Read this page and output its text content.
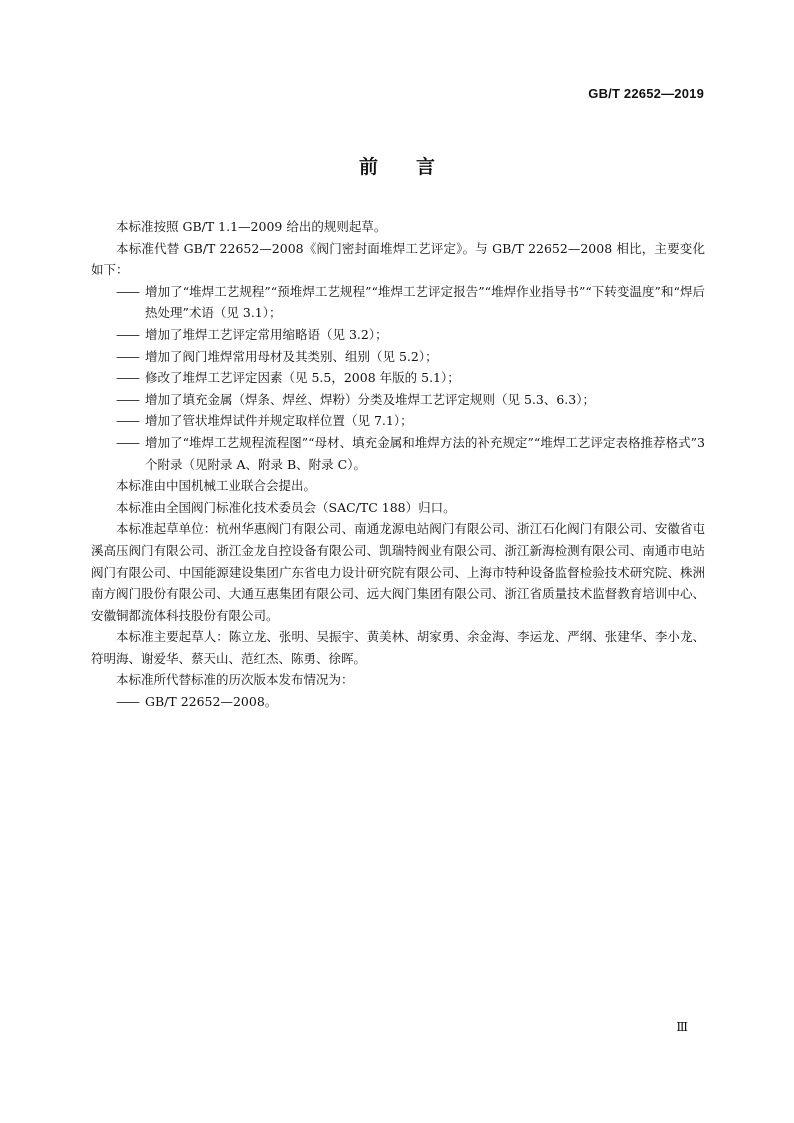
GB/T 22652—2019
前言

本标准按照 GB/T 1.1—2009 给出的规则起草。

本标准代替 GB/T 22652—2008《阀门密封面堆焊工艺评定》。与 GB/T 22652—2008 相比，主要变化如下：

—— 增加了“堆焊工艺规程”“预堆焊工艺规程”“堆焊工艺评定报告”“堆焊作业指导书”“下转变温度”和“焊后热处理”术语（见 3.1）；

—— 增加了堆焊工艺评定常用缩略语（见 3.2）；

—— 增加了阀门堆焊常用母材及其类别、组别（见 5.2）；

—— 修改了堆焊工艺评定因素（见 5.5，2008 年版的 5.1）；

—— 增加了填充金属（焊条、焊丝、焊粉）分类及堆焊工艺评定规则（见 5.3、6.3）；

—— 增加了管状堆焊试件并规定取样位置（见 7.1）；

—— 增加了“堆焊工艺规程流程图”“母材、填充金属和堆焊方法的补充规定”“堆焊工艺评定表格推荐格式”3 个附录（见附录 A、附录 B、附录 C）。

本标准由中国机械工业联合会提出。

本标准由全国阀门标准化技术委员会（SAC/TC 188）归口。

本标准起草单位：杭州华惠阀门有限公司、南通龙源电站阀门有限公司、浙江石化阀门有限公司、安徽省屯溪高压阀门有限公司、浙江金龙自控设备有限公司、凯瑞特阀业有限公司、浙江新海检测有限公司、南通市电站阀门有限公司、中国能源建设集团广东省电力设计研究院有限公司、上海市特种设备监督检验技术研究院、株洲南方阀门股份有限公司、大通互惠集团有限公司、远大阀门集团有限公司、浙江省质量技术监督教育培训中心、安徽铜都流体科技股份有限公司。

本标准主要起草人：陈立龙、张明、吴振宇、黄美林、胡家勇、余金海、李运龙、严纲、张建华、李小龙、符明海、谢爱华、蔡天山、范红杰、陈勇、徐晖。

本标准所代替标准的历次版本发布情况为：

—— GB/T 22652—2008。

Ⅲ
